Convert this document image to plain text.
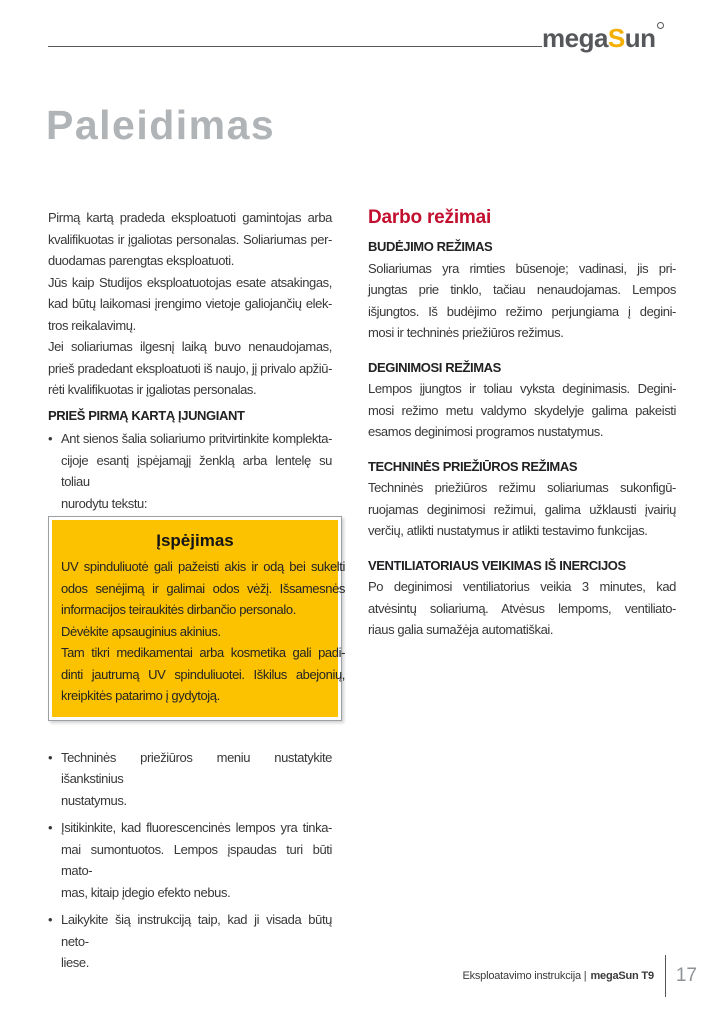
megaSun
Paleidimas
Pirmą kartą pradeda eksploatuoti gamintojas arba
kvalifikuotas ir įgaliotas personalas. Soliariumas per-
duodamas parengtas eksploatuoti.
Jūs kaip Studijos eksploatuotojas esate atsakingas,
kad būtų laikomasi įrengimo vietoje galiojančių elek-
tros reikalavimų.
Jei soliariumas ilgesnį laiką buvo nenaudojamas,
prieš pradedant eksploatuoti iš naujo, jį privalo apžiū-
rėti kvalifikuotas ir įgaliotas personalas.
PRIEŠ PIRMĄ KARTĄ ĮJUNGIANT
• Ant sienos šalia soliariumo pritvirtinkite komplekta-
cijoje esantį įspėjamąjį ženklą arba lentelę su toliau
nurodytu tekstu:
Įspėjimas
UV spinduliuotė gali pažeisti akis ir odą bei sukelti
odos senėjimą ir galimai odos vėžį. Išsamesnės
informacijos teiraukitės dirbančio personalo.
Dėvėkite apsauginius akinius.
Tam tikri medikamentai arba kosmetika gali padi-
dinti jautrumą UV spinduliuotei. Iškilus abejonių,
kreipkitės patarimo į gydytoją.
• Techninės priežiūros meniu nustatykite išankstinius
nustatymus.
• Įsitikinkite, kad fluorescencinės lempos yra tinka-
mai sumontuotos. Lempos įspaudas turi būti mato-
mas, kitaip įdegio efekto nebus.
• Laikykite šią instrukciją taip, kad ji visada būtų neto-
liese.
Darbo režimai
BUDĖJIMO REŽIMAS
Soliariumas yra rimties būsenoje; vadinasi, jis pri-
jungtas prie tinklo, tačiau nenaudojamas. Lempos
išjungtos. Iš budėjimo režimo perjungiama į degini-
mosi ir techninės priežiūros režimus.
DEGINIMOSI REŽIMAS
Lempos įjungtos ir toliau vyksta deginimasis. Degini-
mosi režimo metu valdymo skydelyje galima pakeisti
esamos deginimosi programos nustatymus.
TECHNINĖS PRIEŽIŪROS REŽIMAS
Techninės priežiūros režimu soliariumas sukonfigū-
ruojamas deginimosi režimui, galima užklausti įvairių
verčių, atlikti nustatymus ir atlikti testavimo funkcijas.
VENTILIATORIAUS VEIKIMAS IŠ INERCIJOS
Po deginimosi ventiliatorius veikia 3 minutes, kad
atvėsintų soliariumą. Atvėsus lempoms, ventiliato-
riaus galia sumažėja automatiškai.
Eksploatavimo instrukcija | megaSun T9 17
